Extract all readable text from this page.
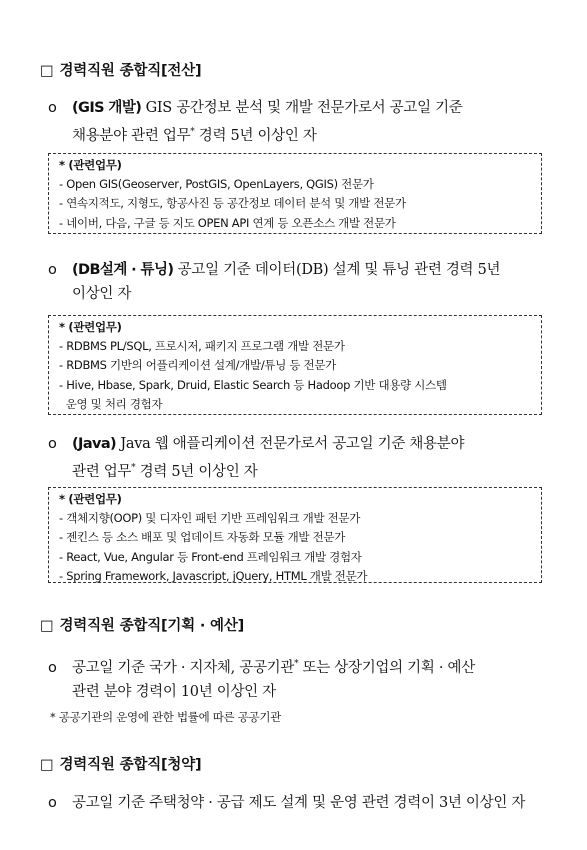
□ 경력직원 종합직[전산]
o (GIS 개발) GIS 공간정보 분석 및 개발 전문가로서 공고일 기준
채용분야 관련 업무* 경력 5년 이상인 자
* (관련업무)
- Open GIS(Geoserver, PostGIS, OpenLayers, QGIS) 전문가
- 연속지적도, 지형도, 항공사진 등 공간정보 데이터 분석 및 개발 전문가
- 네이버, 다음, 구글 등 지도 OPEN API 연계 등 오픈소스 개발 전문가
o (DB설계 · 튜닝) 공고일 기준 데이터(DB) 설계 및 튜닝 관련 경력 5년
이상인 자
* (관련업무)
- RDBMS PL/SQL, 프로시저, 패키지 프로그램 개발 전문가
- RDBMS 기반의 어플리케이션 설계/개발/튜닝 등 전문가
- Hive, Hbase, Spark, Druid, Elastic Search 등 Hadoop 기반 대용량 시스템
운영 및 처리 경험자
o (Java) Java 웹 애플리케이션 전문가로서 공고일 기준 채용분야
관련 업무* 경력 5년 이상인 자
* (관련업무)
- 객체지향(OOP) 및 디자인 패턴 기반 프레임워크 개발 전문가
- 젠킨스 등 소스 배포 및 업데이트 자동화 모듈 개발 전문가
- React, Vue, Angular 등 Front-end 프레임워크 개발 경험자
- Spring Framework, Javascript, jQuery, HTML 개발 전문가
□ 경력직원 종합직[기획 · 예산]
o 공고일 기준 국가 · 지자체, 공공기관* 또는 상장기업의 기획 · 예산
관련 분야 경력이 10년 이상인 자
* 공공기관의 운영에 관한 법률에 따른 공공기관
□ 경력직원 종합직[청약]
o 공고일 기준 주택청약 · 공급 제도 설계 및 운영 관련 경력이 3년 이상인 자
